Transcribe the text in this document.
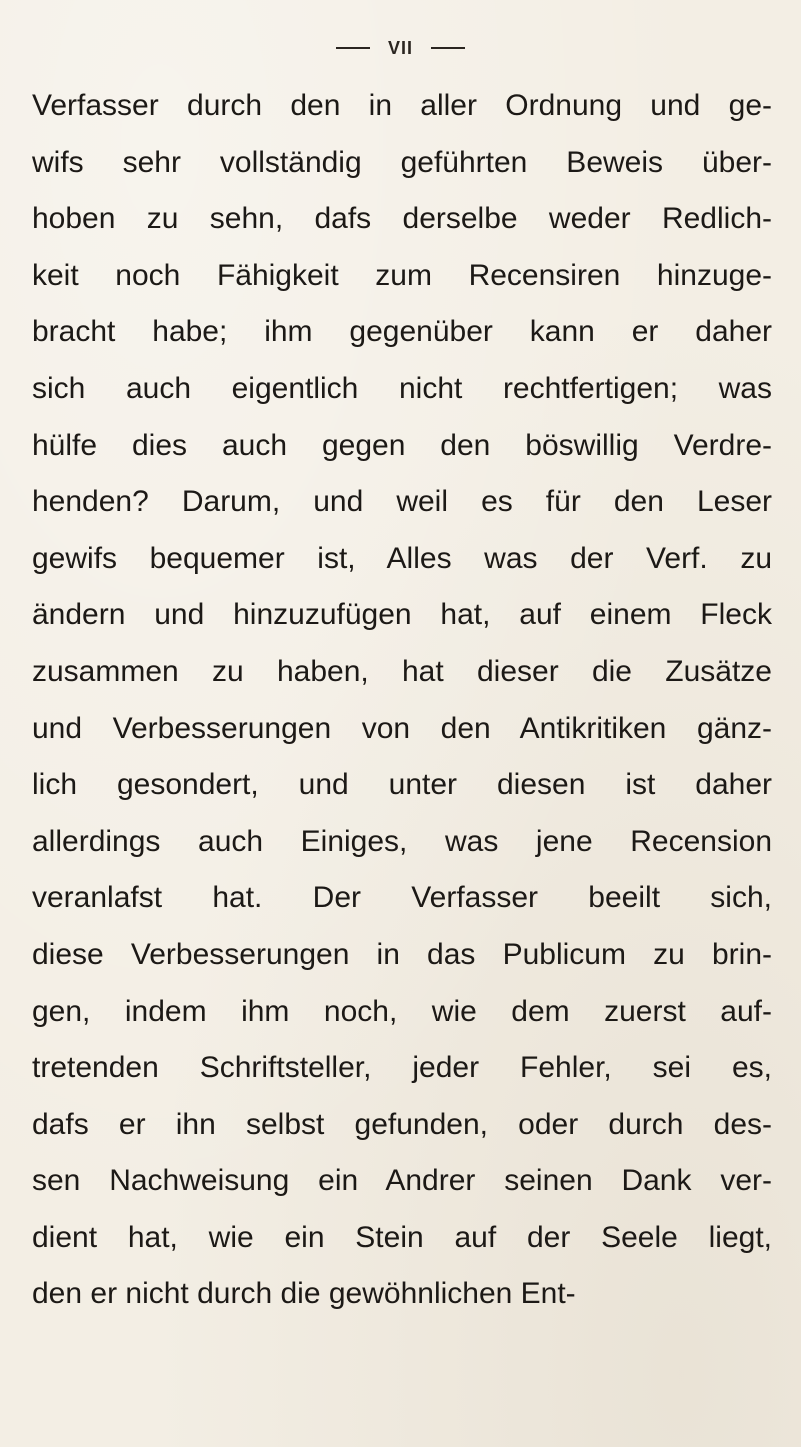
VII
Verfasser durch den in aller Ordnung und ge-
wifs sehr vollständig geführten Beweis über-
hoben zu sehn, dafs derselbe weder Redlich-
keit noch Fähigkeit zum Recensiren hinzuge-
bracht habe; ihm gegenüber kann er daher
sich auch eigentlich nicht rechtfertigen; was
hülfe dies auch gegen den böswillig Verdre-
henden? Darum, und weil es für den Leser
gewifs bequemer ist, Alles was der Verf. zu
ändern und hinzuzufügen hat, auf einem Fleck
zusammen zu haben, hat dieser die Zusätze
und Verbesserungen von den Antikritiken gänz-
lich gesondert, und unter diesen ist daher
allerdings auch Einiges, was jene Recension
veranlafst hat. Der Verfasser beeilt sich,
diese Verbesserungen in das Publicum zu brin-
gen, indem ihm noch, wie dem zuerst auf-
tretenden Schriftsteller, jeder Fehler, sei es,
dafs er ihn selbst gefunden, oder durch des-
sen Nachweisung ein Andrer seinen Dank ver-
dient hat, wie ein Stein auf der Seele liegt,
den er nicht durch die gewöhnlichen Ent-
